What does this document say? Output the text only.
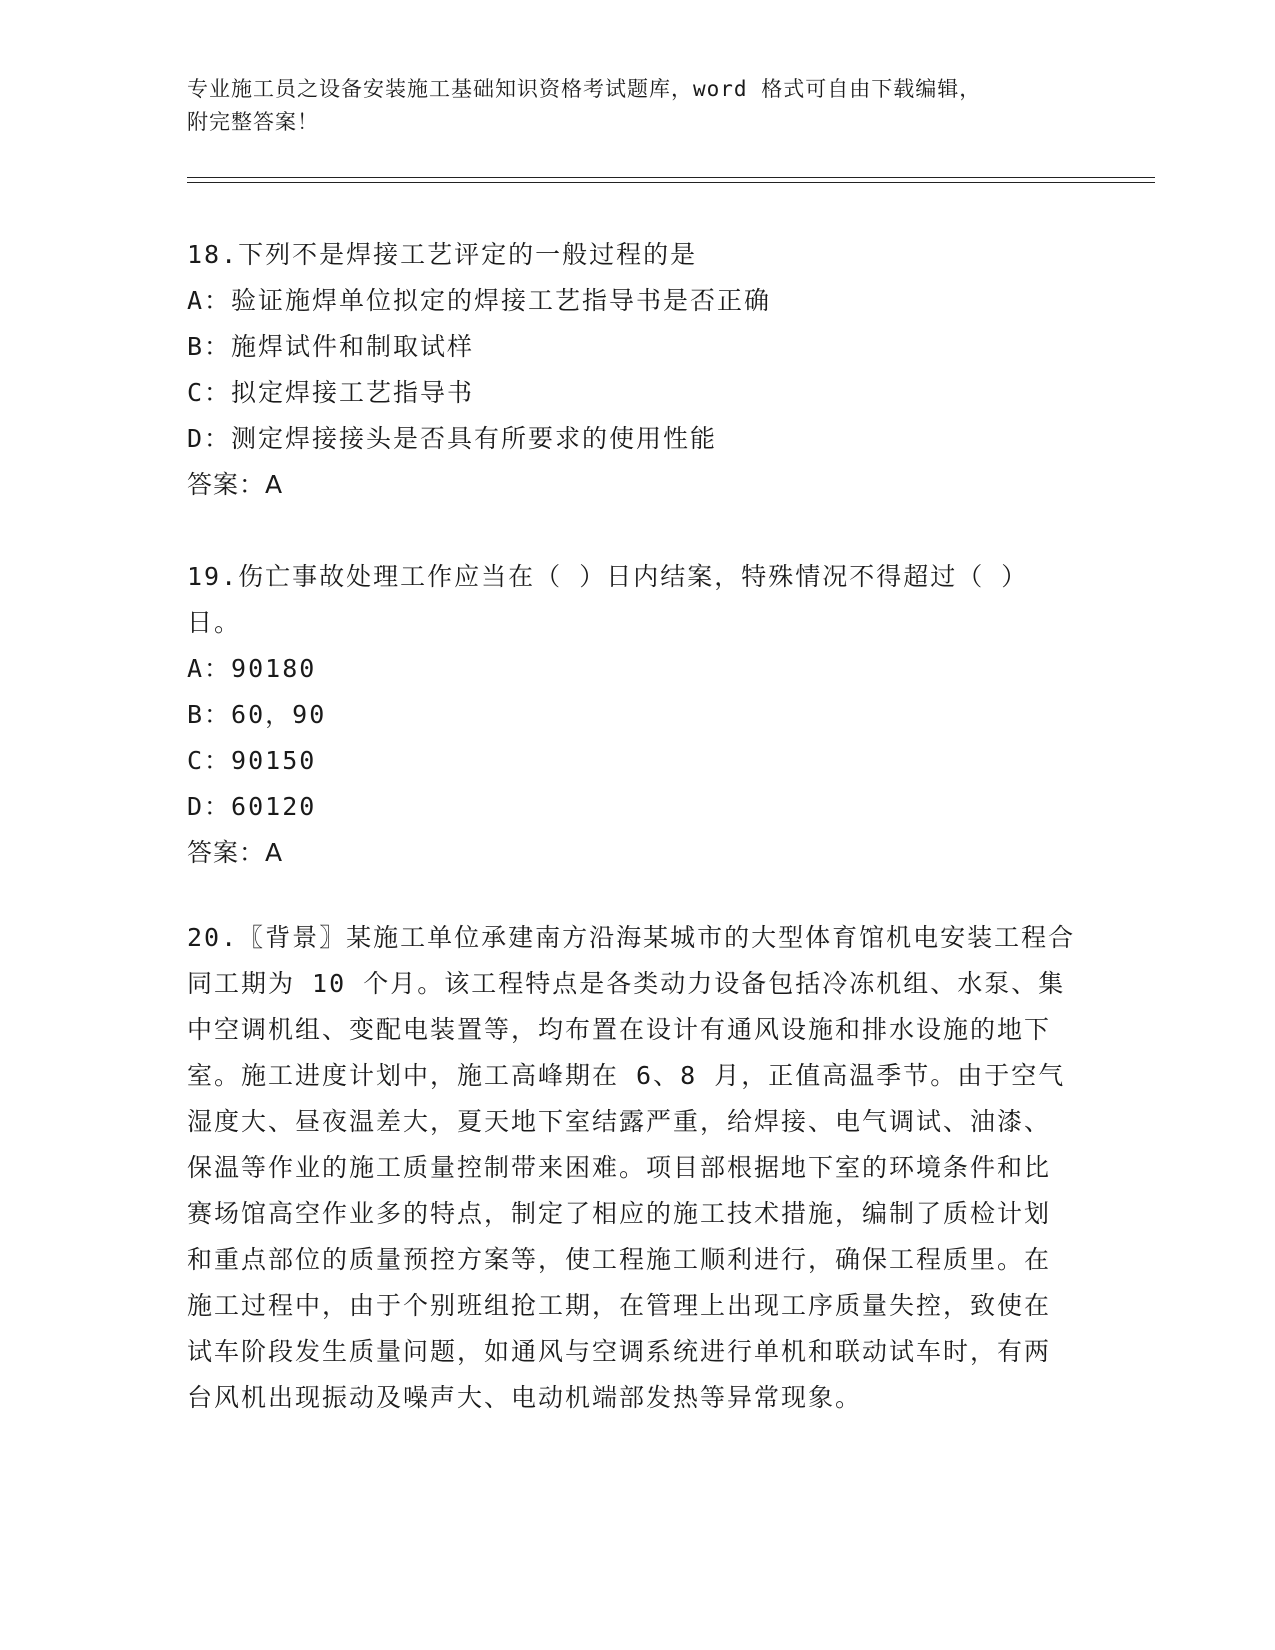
专业施工员之设备安装施工基础知识资格考试题库，word 格式可自由下载编辑，
附完整答案！
18.下列不是焊接工艺评定的一般过程的是
A：验证施焊单位拟定的焊接工艺指导书是否正确
B：施焊试件和制取试样
C：拟定焊接工艺指导书
D：测定焊接接头是否具有所要求的使用性能
答案：A
19.伤亡事故处理工作应当在（ ）日内结案，特殊情况不得超过（ ）日。
A：90180
B：60，90
C：90150
D：60120
答案：A
20.〖背景〗某施工单位承建南方沿海某城市的大型体育馆机电安装工程合同工期为 10 个月。该工程特点是各类动力设备包括冷冻机组、水泵、集中空调机组、变配电装置等，均布置在设计有通风设施和排水设施的地下室。施工进度计划中，施工高峰期在 6、8 月，正值高温季节。由于空气湿度大、昼夜温差大，夏天地下室结露严重，给焊接、电气调试、油漆、保温等作业的施工质量控制带来困难。项目部根据地下室的环境条件和比赛场馆高空作业多的特点，制定了相应的施工技术措施，编制了质检计划和重点部位的质量预控方案等，使工程施工顺利进行，确保工程质里。在施工过程中，由于个别班组抢工期，在管理上出现工序质量失控，致使在试车阶段发生质量问题，如通风与空调系统进行单机和联动试车时，有两台风机出现振动及噪声大、电动机端部发热等异常现象。
